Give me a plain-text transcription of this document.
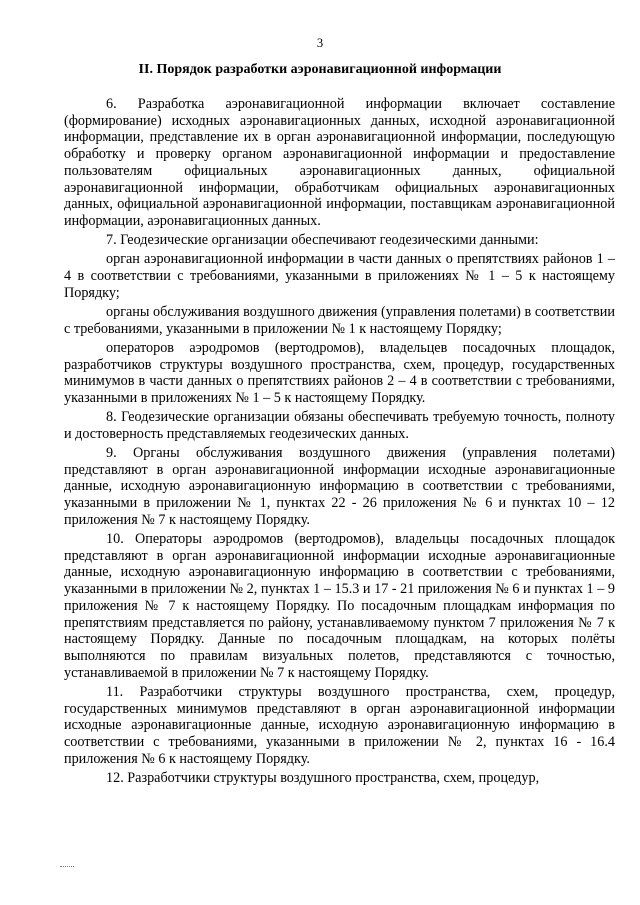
3
II. Порядок разработки аэронавигационной информации

6. Разработка аэронавигационной информации включает составление (формирование) исходных аэронавигационных данных, исходной аэронавигационной информации, представление их в орган аэронавигационной информации, последующую обработку и проверку органом аэронавигационной информации и предоставление пользователям официальных аэронавигационных данных, официальной аэронавигационной информации, обработчикам официальных аэронавигационных данных, официальной аэронавигационной информации, поставщикам аэронавигационной информации, аэронавигационных данных.

7. Геодезические организации обеспечивают геодезическими данными:

орган аэронавигационной информации в части данных о препятствиях районов 1 – 4 в соответствии с требованиями, указанными в приложениях № 1 – 5 к настоящему Порядку;

органы обслуживания воздушного движения (управления полетами) в соответствии с требованиями, указанными в приложении № 1 к настоящему Порядку;

операторов аэродромов (вертодромов), владельцев посадочных площадок, разработчиков структуры воздушного пространства, схем, процедур, государственных минимумов в части данных о препятствиях районов 2 – 4 в соответствии с требованиями, указанными в приложениях № 1 – 5 к настоящему Порядку.

8. Геодезические организации обязаны обеспечивать требуемую точность, полноту и достоверность представляемых геодезических данных.

9. Органы обслуживания воздушного движения (управления полетами) представляют в орган аэронавигационной информации исходные аэронавигационные данные, исходную аэронавигационную информацию в соответствии с требованиями, указанными в приложении № 1, пунктах 22 - 26 приложения № 6 и пунктах 10 – 12 приложения № 7 к настоящему Порядку.

10. Операторы аэродромов (вертодромов), владельцы посадочных площадок представляют в орган аэронавигационной информации исходные аэронавигационные данные, исходную аэронавигационную информацию в соответствии с требованиями, указанными в приложении № 2, пунктах 1 – 15.3 и 17 - 21 приложения № 6 и пунктах 1 – 9 приложения № 7 к настоящему Порядку. По посадочным площадкам информация по препятствиям представляется по району, устанавливаемому пунктом 7 приложения № 7 к настоящему Порядку. Данные по посадочным площадкам, на которых полёты выполняются по правилам визуальных полетов, представляются с точностью, устанавливаемой в приложении № 7 к настоящему Порядку.

11. Разработчики структуры воздушного пространства, схем, процедур, государственных минимумов представляют в орган аэронавигационной информации исходные аэронавигационные данные, исходную аэронавигационную информацию в соответствии с требованиями, указанными в приложении № 2, пунктах 16 - 16.4 приложения № 6 к настоящему Порядку.

12. Разработчики структуры воздушного пространства, схем, процедур,
